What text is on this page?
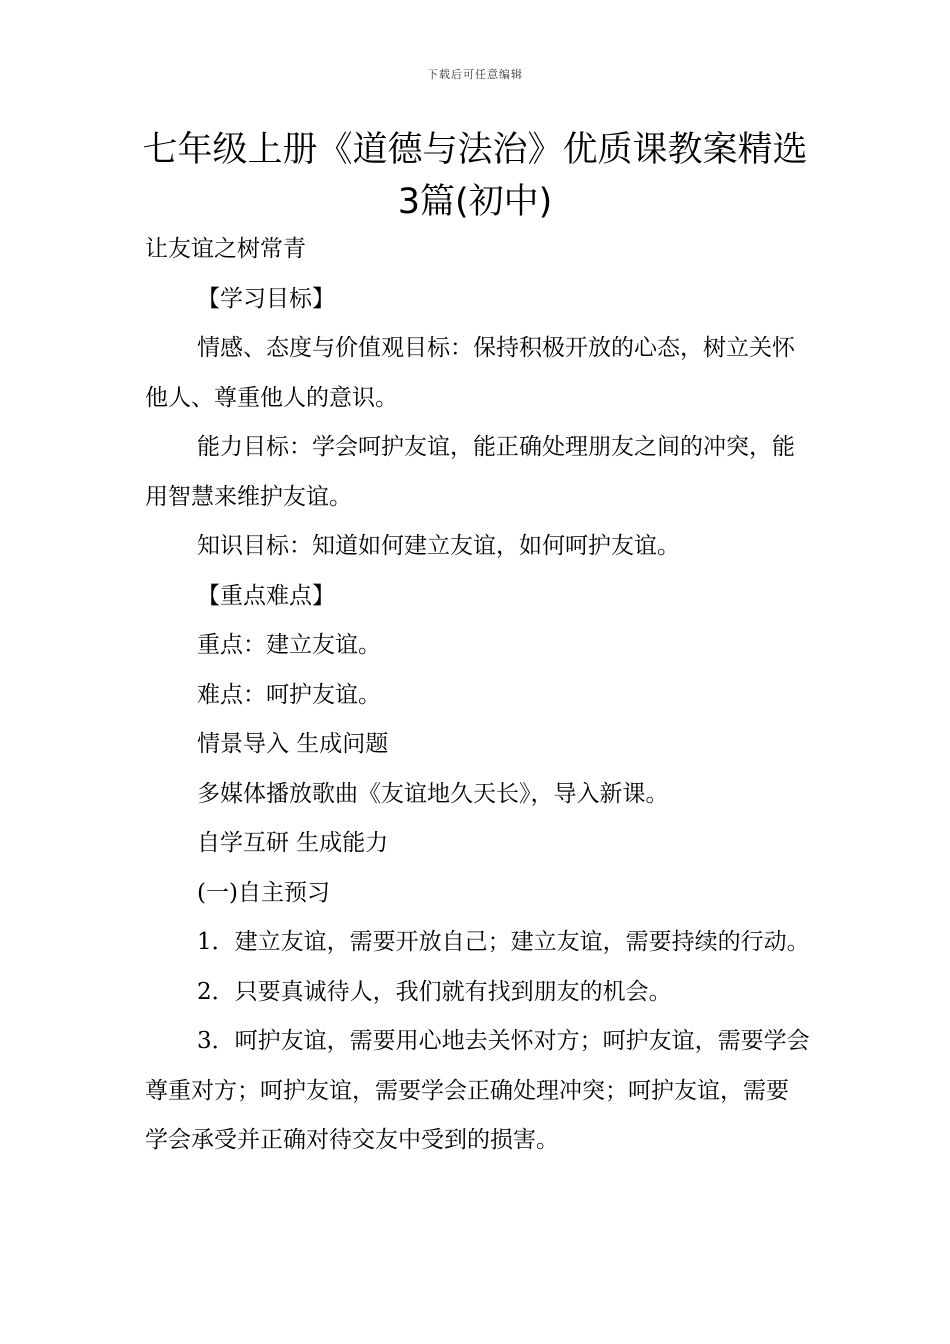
下载后可任意编辑
七年级上册《道德与法治》优质课教案精选3篇(初中)

让友谊之树常青

【学习目标】

情感、态度与价值观目标：保持积极开放的心态，树立关怀他人、尊重他人的意识。

能力目标：学会呵护友谊，能正确处理朋友之间的冲突，能用智慧来维护友谊。

知识目标：知道如何建立友谊，如何呵护友谊。

【重点难点】

重点：建立友谊。

难点：呵护友谊。

情景导入 生成问题

多媒体播放歌曲《友谊地久天长》，导入新课。

自学互研 生成能力

(一)自主预习

1．建立友谊，需要开放自己；建立友谊，需要持续的行动。

2．只要真诚待人，我们就有找到朋友的机会。

3．呵护友谊，需要用心地去关怀对方；呵护友谊，需要学会尊重对方；呵护友谊，需要学会正确处理冲突；呵护友谊，需要学会承受并正确对待交友中受到的损害。
